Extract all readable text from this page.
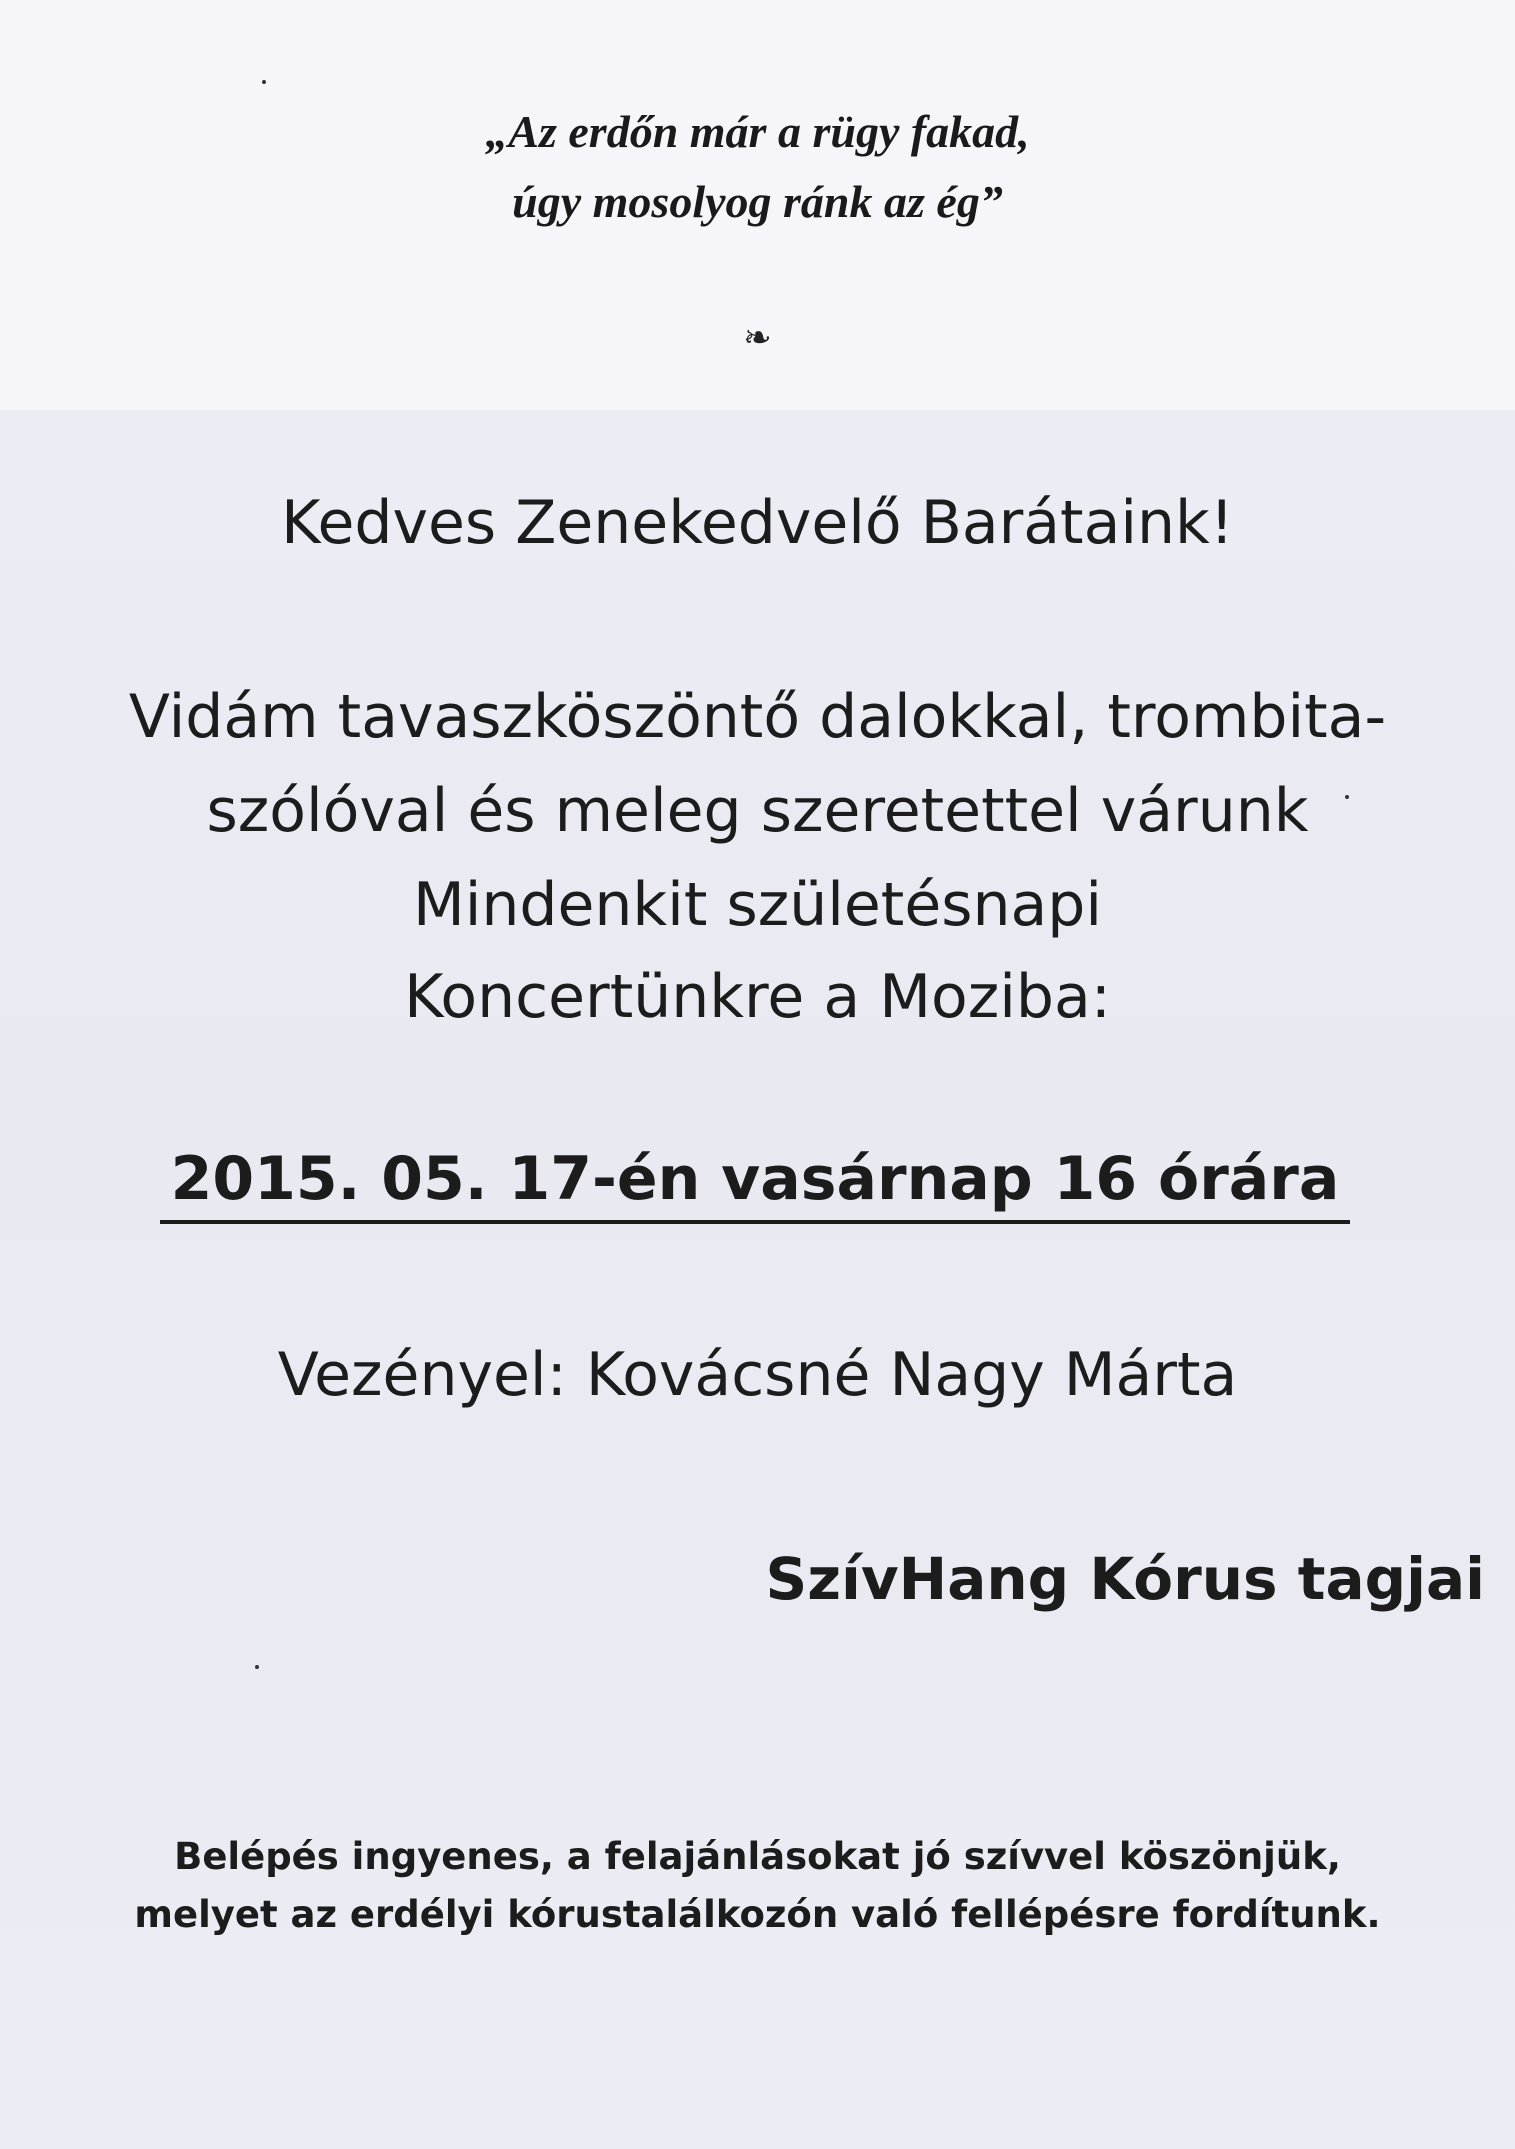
„Az erdőn már a rügy fakad,
úgy mosolyog ránk az ég”
❧
Kedves Zenekedvelő Barátaink!
Vidám tavaszköszöntő dalokkal, trombita-
szólóval és meleg szeretettel várunk
Mindenkit születésnapi
Koncertünkre a Moziba:
2015. 05. 17-én vasárnap 16 órára
Vezényel: Kovácsné Nagy Márta
SzívHang Kórus tagjai
Belépés ingyenes, a felajánlásokat jó szívvel köszönjük,
melyet az erdélyi kórustalálkozón való fellépésre fordítunk.
